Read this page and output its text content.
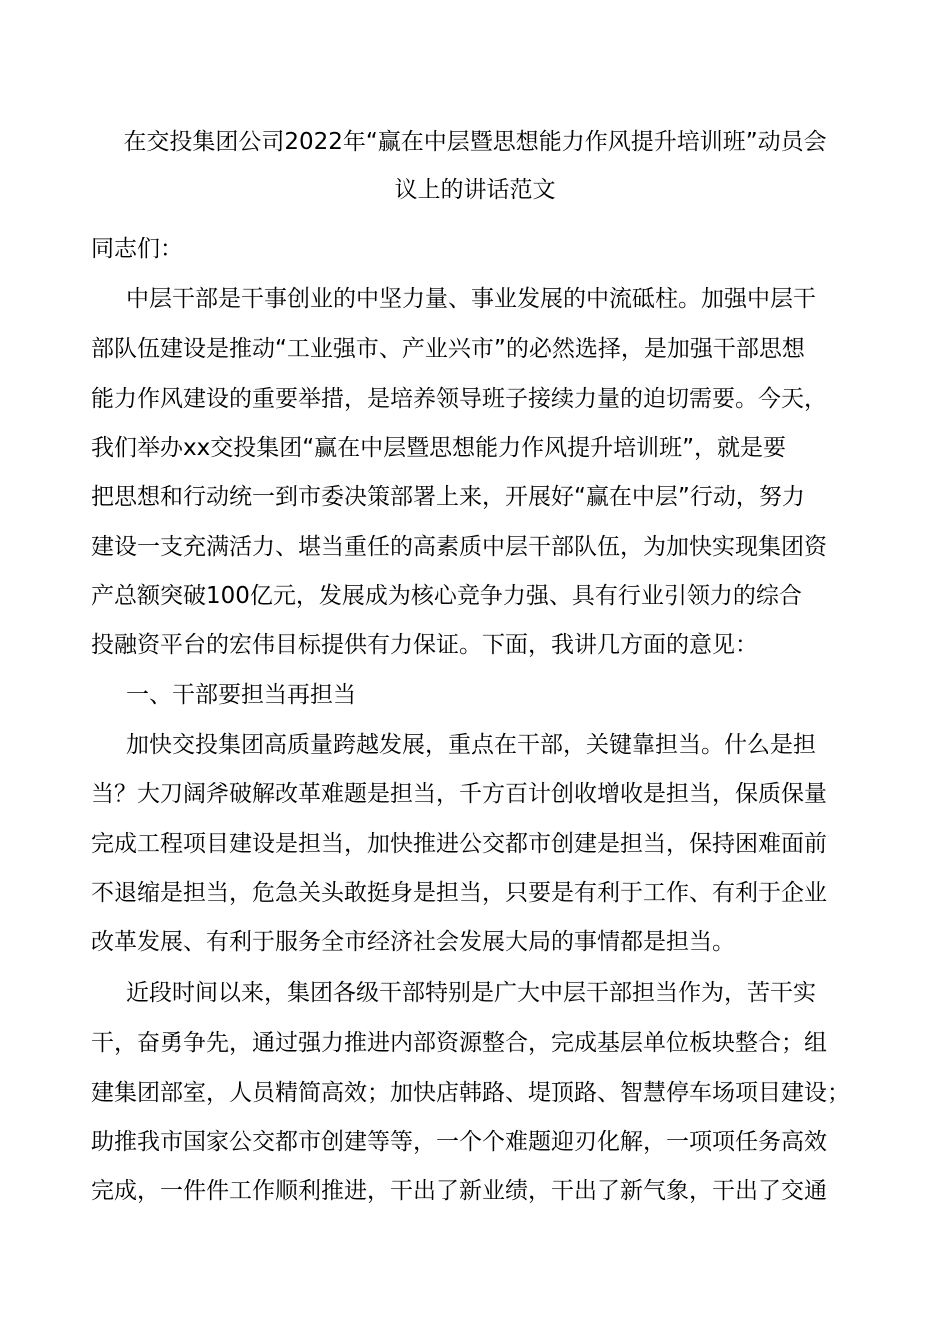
在交投集团公司2022年“赢在中层暨思想能力作风提升培训班”动员会
议上的讲话范文
同志们：
中层干部是干事创业的中坚力量、事业发展的中流砥柱。加强中层干
部队伍建设是推动“工业强市、产业兴市”的必然选择，是加强干部思想
能力作风建设的重要举措，是培养领导班子接续力量的迫切需要。今天，
我们举办xx交投集团“赢在中层暨思想能力作风提升培训班”，就是要
把思想和行动统一到市委决策部署上来，开展好“赢在中层”行动，努力
建设一支充满活力、堪当重任的高素质中层干部队伍，为加快实现集团资
产总额突破100亿元，发展成为核心竞争力强、具有行业引领力的综合
投融资平台的宏伟目标提供有力保证。下面，我讲几方面的意见：
一、干部要担当再担当
加快交投集团高质量跨越发展，重点在干部，关键靠担当。什么是担
当？大刀阔斧破解改革难题是担当，千方百计创收增收是担当，保质保量
完成工程项目建设是担当，加快推进公交都市创建是担当，保持困难面前
不退缩是担当，危急关头敢挺身是担当，只要是有利于工作、有利于企业
改革发展、有利于服务全市经济社会发展大局的事情都是担当。
近段时间以来，集团各级干部特别是广大中层干部担当作为，苦干实
干，奋勇争先，通过强力推进内部资源整合，完成基层单位板块整合；组
建集团部室，人员精简高效；加快店韩路、堤顶路、智慧停车场项目建设；
助推我市国家公交都市创建等等，一个个难题迎刃化解，一项项任务高效
完成，一件件工作顺利推进，干出了新业绩，干出了新气象，干出了交通
